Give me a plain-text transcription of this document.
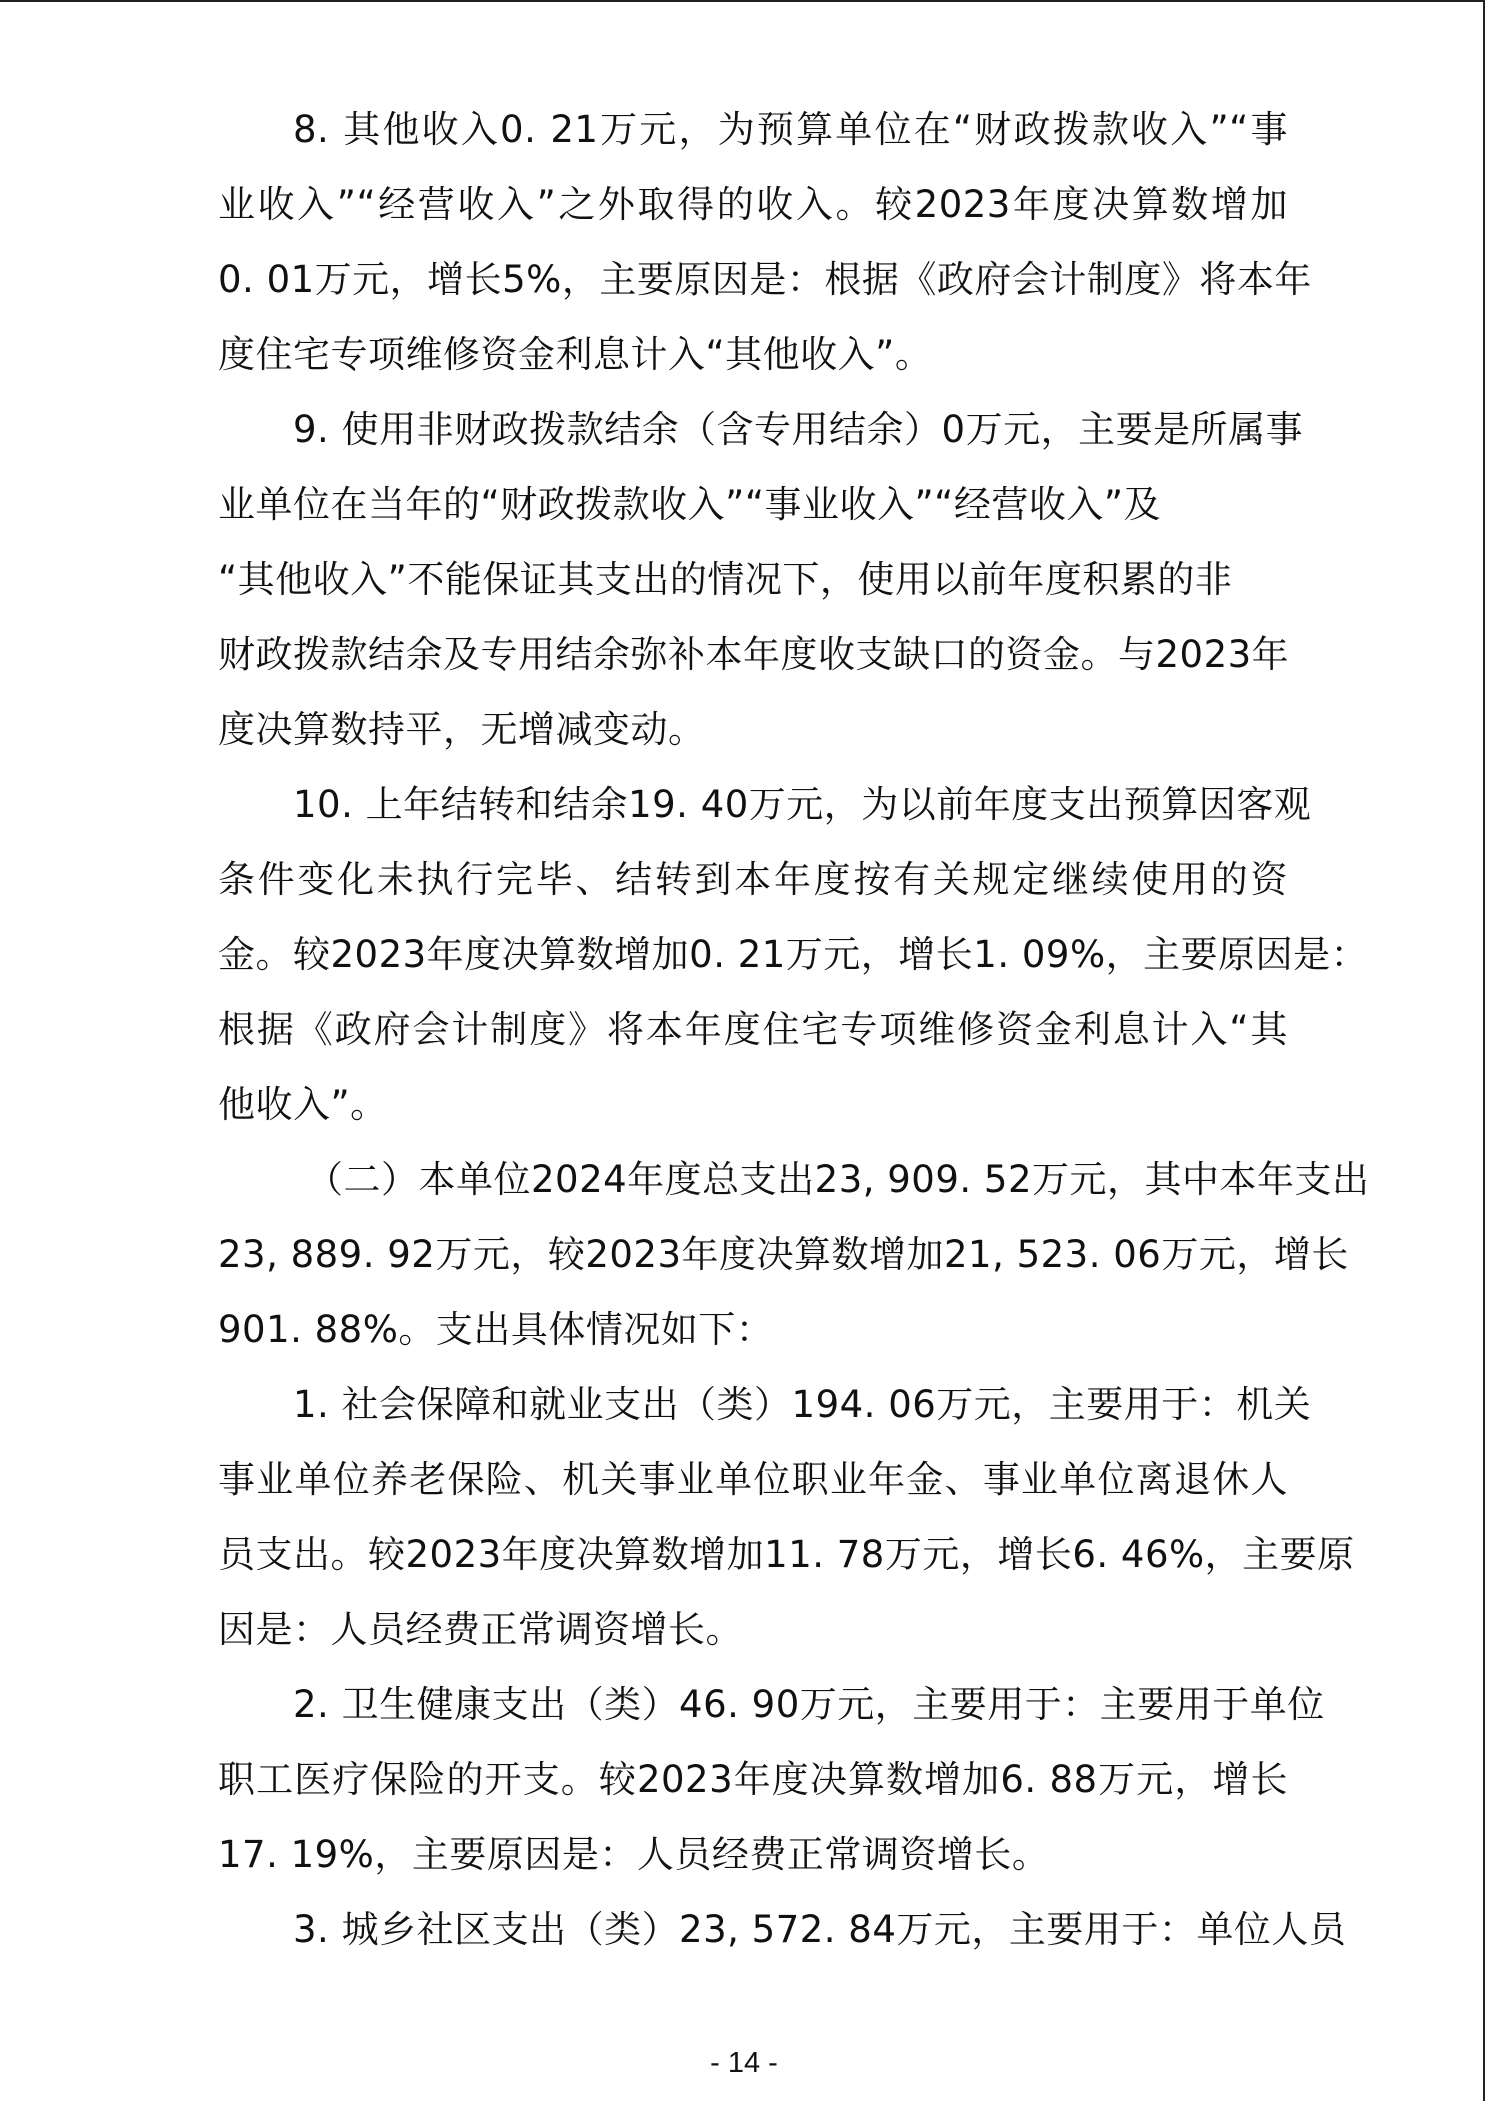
8. 其他收入0. 21万元，为预算单位在“财政拨款收入”“事
业收入”“经营收入”之外取得的收入。较2023年度决算数增加
0. 01万元，增长5%，主要原因是：根据《政府会计制度》将本年
度住宅专项维修资金利息计入“其他收入”。
9. 使用非财政拨款结余（含专用结余）0万元，主要是所属事
业单位在当年的“财政拨款收入”“事业收入”“经营收入”及
“其他收入”不能保证其支出的情况下，使用以前年度积累的非
财政拨款结余及专用结余弥补本年度收支缺口的资金。与2023年
度决算数持平，无增减变动。
10. 上年结转和结余19. 40万元，为以前年度支出预算因客观
条件变化未执行完毕、结转到本年度按有关规定继续使用的资
金。较2023年度决算数增加0. 21万元，增长1. 09%，主要原因是：
根据《政府会计制度》将本年度住宅专项维修资金利息计入“其
他收入”。
（二）本单位2024年度总支出23, 909. 52万元，其中本年支出
23, 889. 92万元，较2023年度决算数增加21, 523. 06万元，增长
901. 88%。支出具体情况如下：
1. 社会保障和就业支出（类）194. 06万元，主要用于：机关
事业单位养老保险、机关事业单位职业年金、事业单位离退休人
员支出。较2023年度决算数增加11. 78万元，增长6. 46%，主要原
因是：人员经费正常调资增长。
2. 卫生健康支出（类）46. 90万元，主要用于：主要用于单位
职工医疗保险的开支。较2023年度决算数增加6. 88万元，增长
17. 19%，主要原因是：人员经费正常调资增长。
3. 城乡社区支出（类）23, 572. 84万元，主要用于：单位人员
- 14 -
